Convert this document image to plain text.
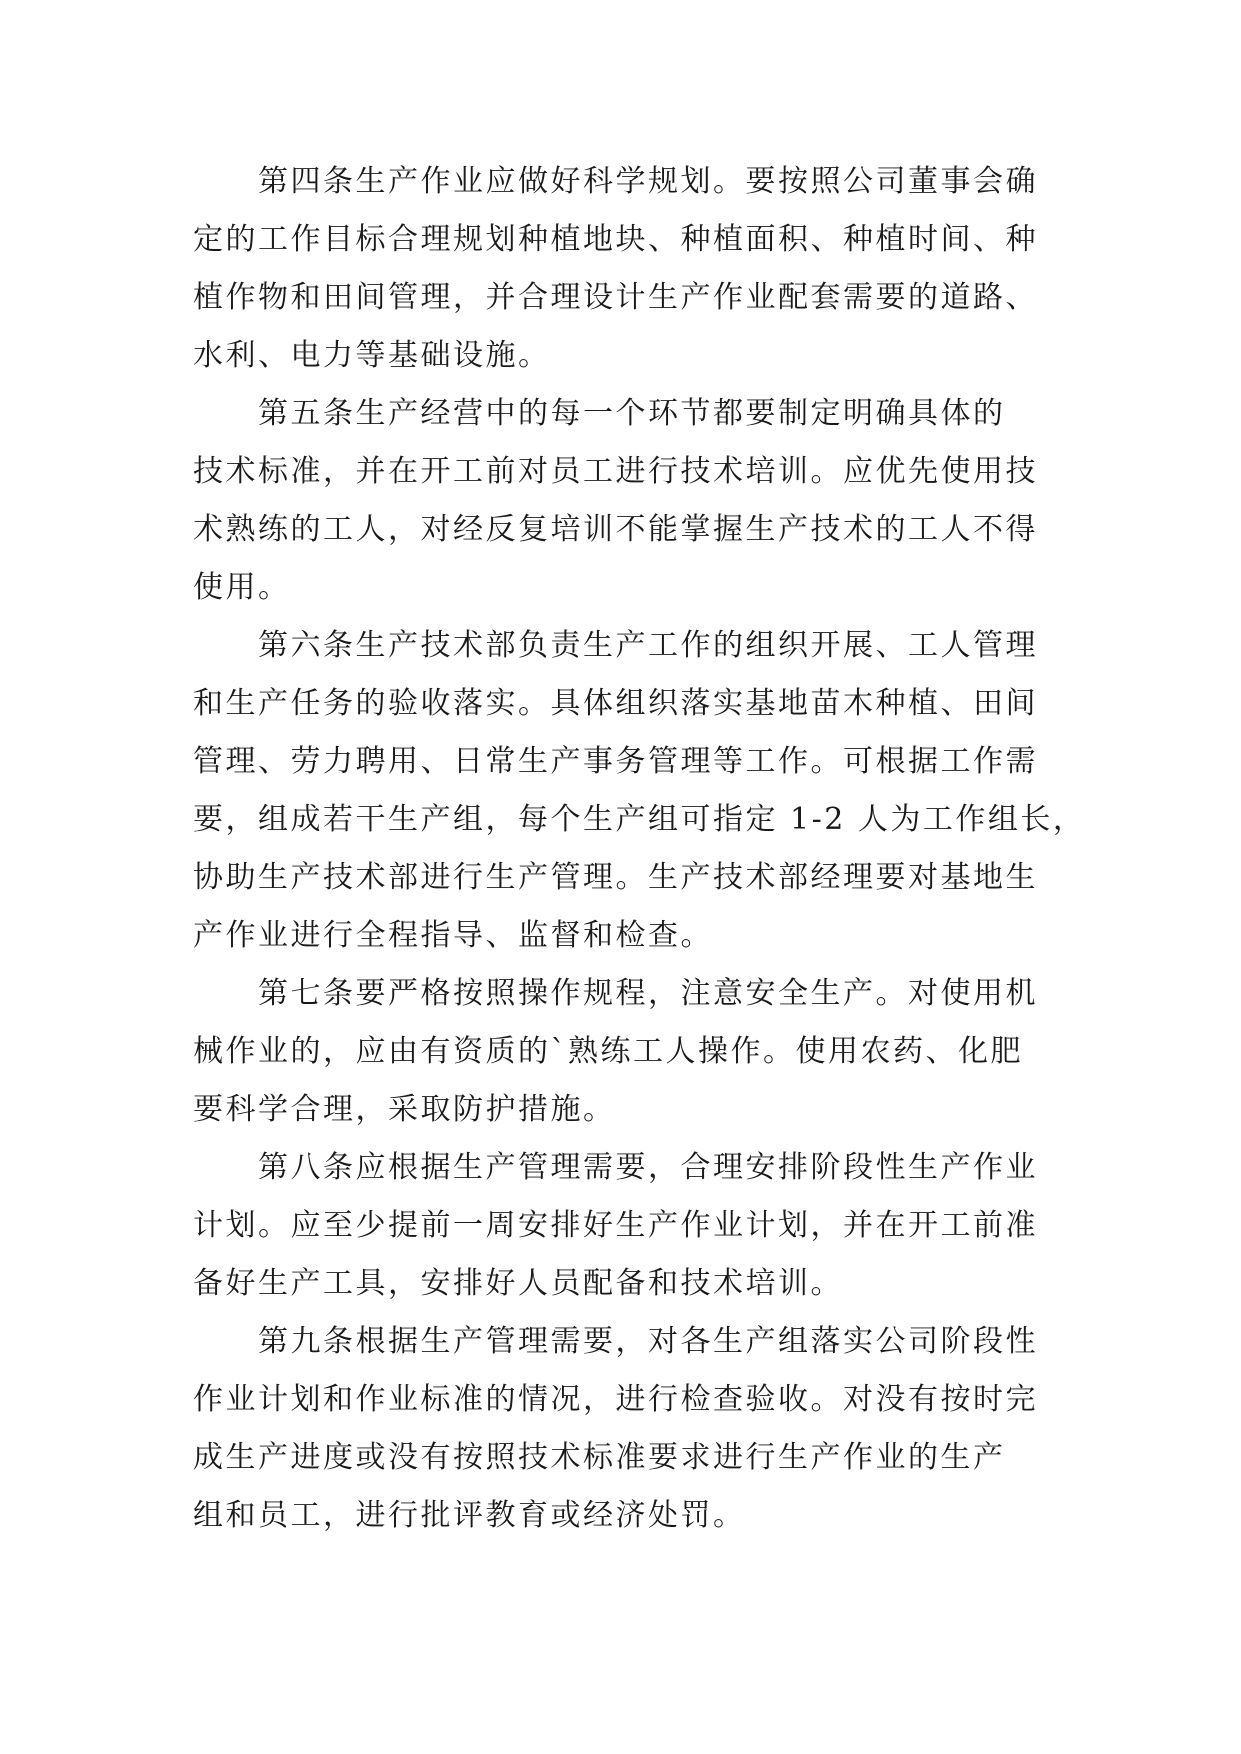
第四条生产作业应做好科学规划。要按照公司董事会确
定的工作目标合理规划种植地块、种植面积、种植时间、种
植作物和田间管理，并合理设计生产作业配套需要的道路、
水利、电力等基础设施。
第五条生产经营中的每一个环节都要制定明确具体的
技术标准，并在开工前对员工进行技术培训。应优先使用技
术熟练的工人，对经反复培训不能掌握生产技术的工人不得
使用。
第六条生产技术部负责生产工作的组织开展、工人管理
和生产任务的验收落实。具体组织落实基地苗木种植、田间
管理、劳力聘用、日常生产事务管理等工作。可根据工作需
要，组成若干生产组，每个生产组可指定 1-2 人为工作组长，
协助生产技术部进行生产管理。生产技术部经理要对基地生
产作业进行全程指导、监督和检查。
第七条要严格按照操作规程，注意安全生产。对使用机
械作业的，应由有资质的`熟练工人操作。使用农药、化肥
要科学合理，采取防护措施。
第八条应根据生产管理需要，合理安排阶段性生产作业
计划。应至少提前一周安排好生产作业计划，并在开工前准
备好生产工具，安排好人员配备和技术培训。
第九条根据生产管理需要，对各生产组落实公司阶段性
作业计划和作业标准的情况，进行检查验收。对没有按时完
成生产进度或没有按照技术标准要求进行生产作业的生产
组和员工，进行批评教育或经济处罚。
